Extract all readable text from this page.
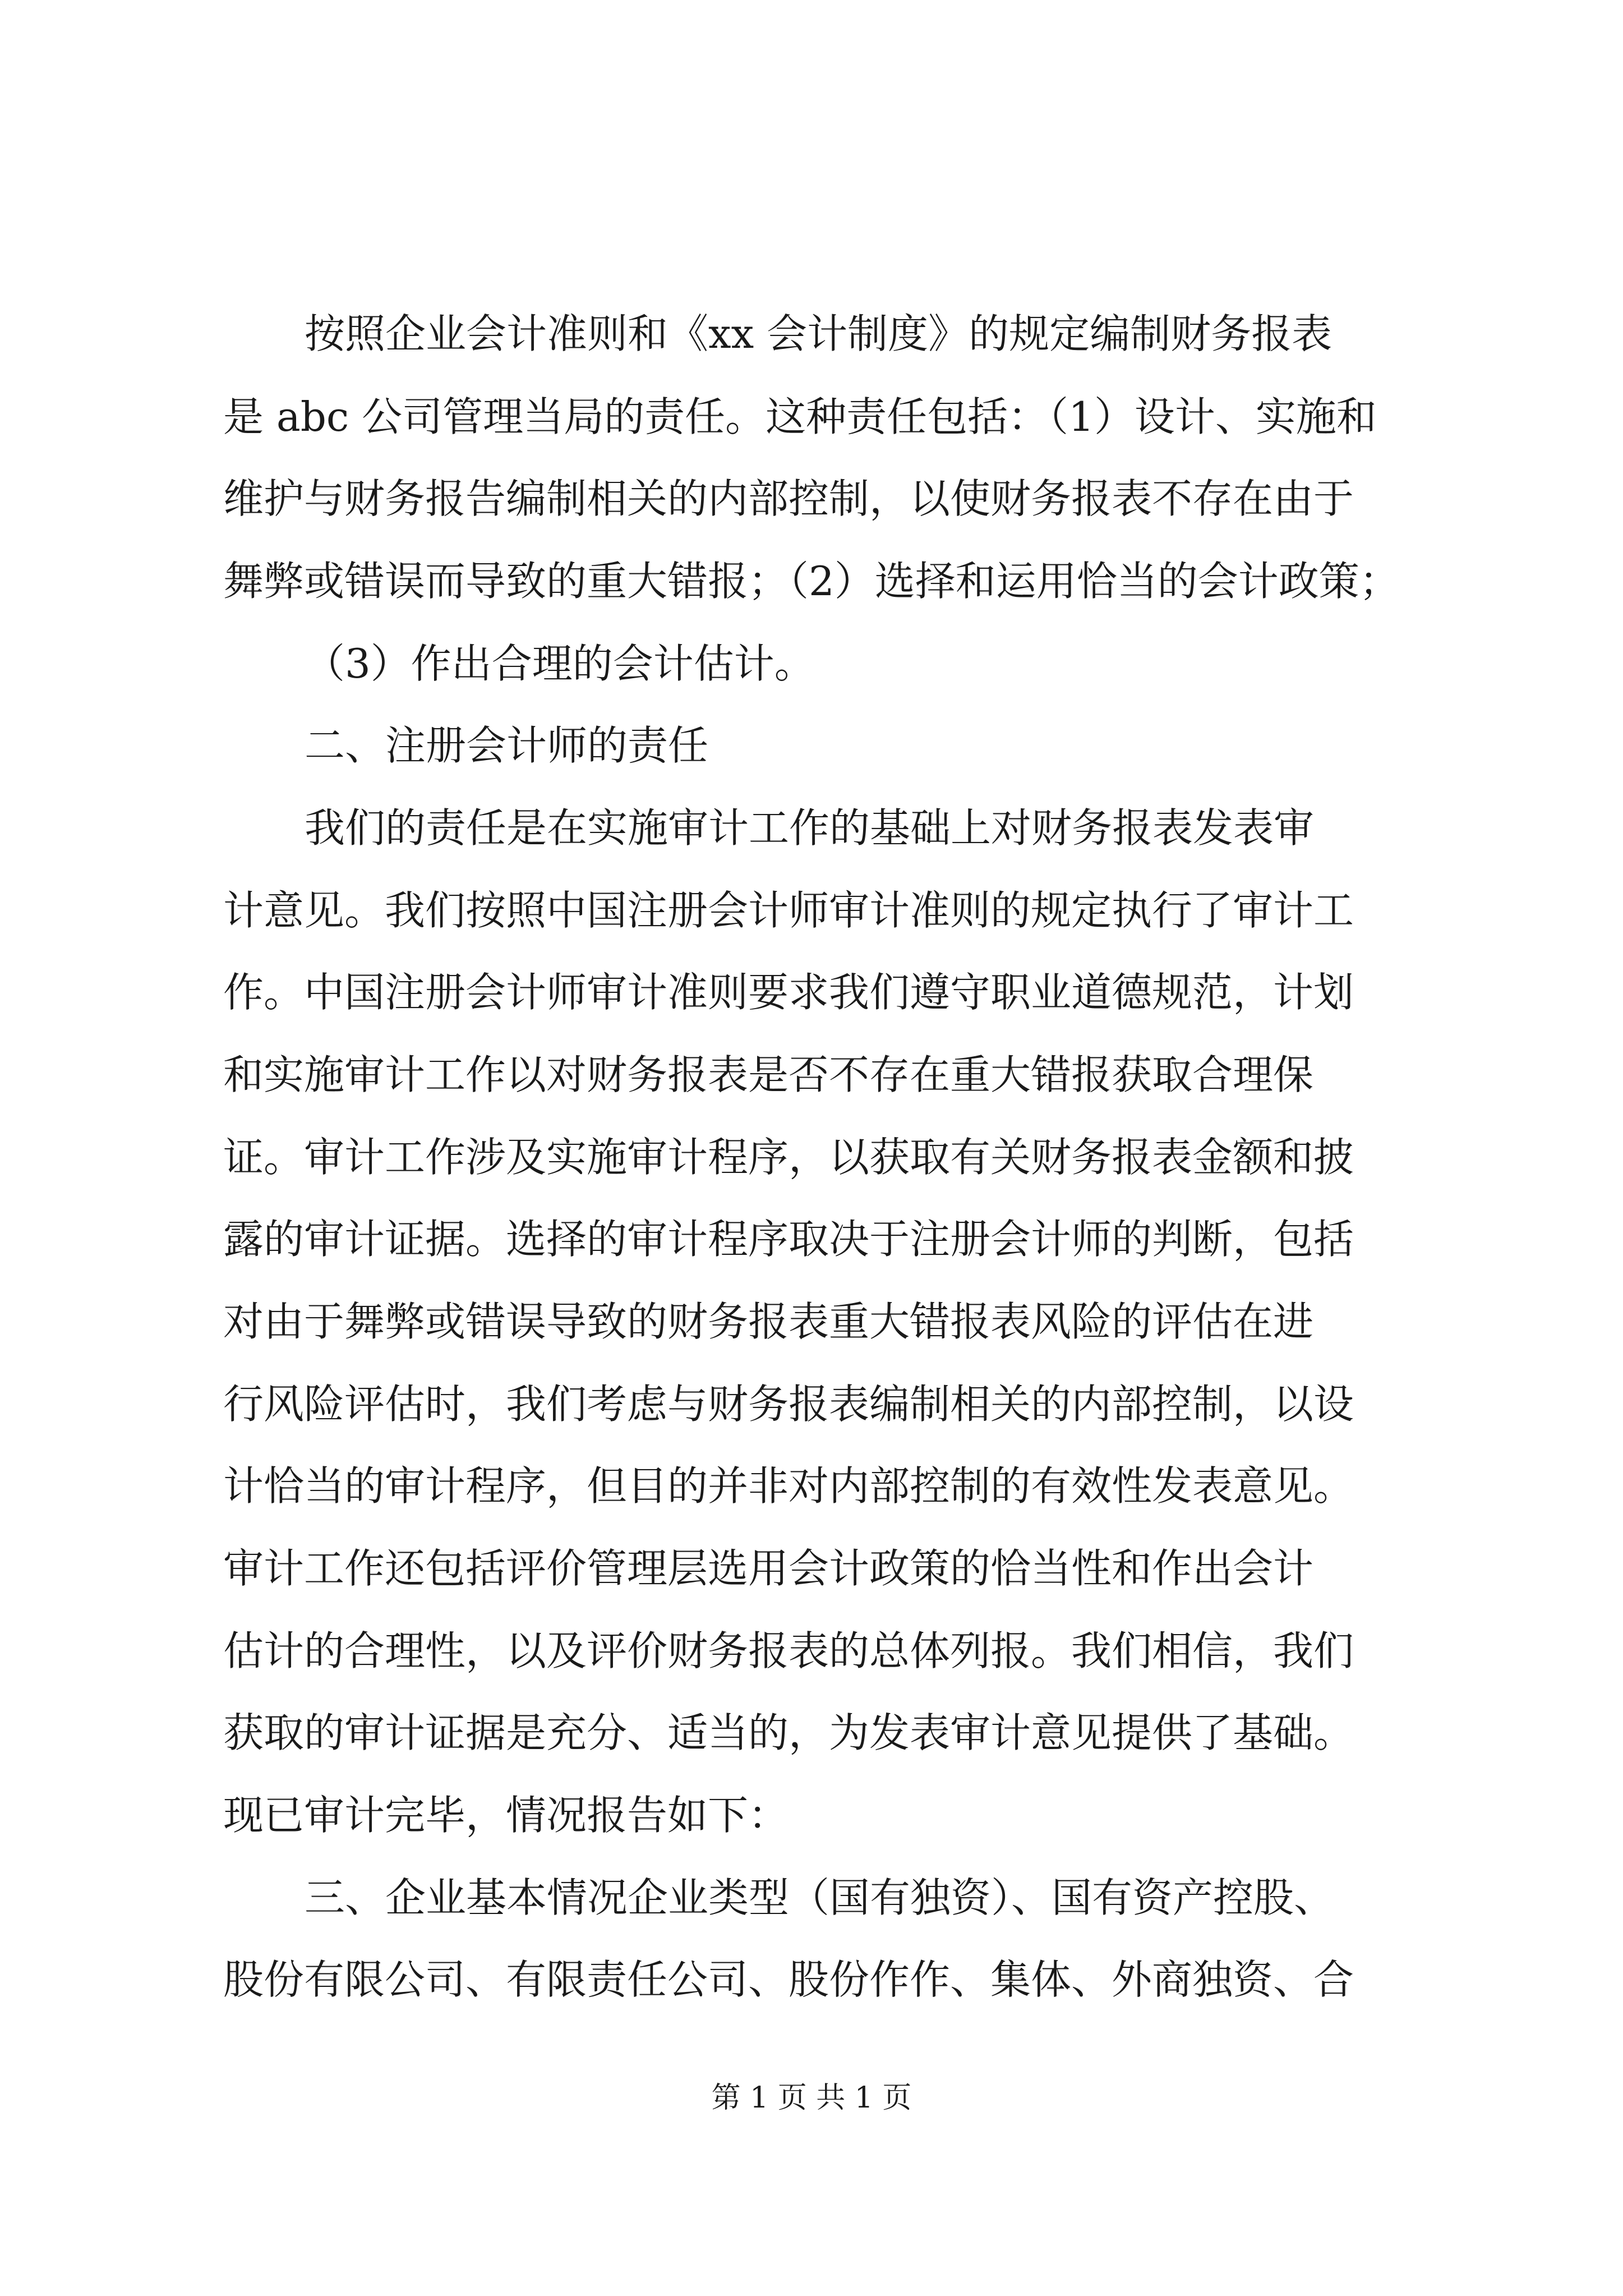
按照企业会计准则和《xx 会计制度》的规定编制财务报表
是 abc 公司管理当局的责任。这种责任包括：（1）设计、实施和
维护与财务报告编制相关的内部控制，以使财务报表不存在由于
舞弊或错误而导致的重大错报；（2）选择和运用恰当的会计政策；
（3）作出合理的会计估计。
二、注册会计师的责任
我们的责任是在实施审计工作的基础上对财务报表发表审
计意见。我们按照中国注册会计师审计准则的规定执行了审计工
作。中国注册会计师审计准则要求我们遵守职业道德规范，计划
和实施审计工作以对财务报表是否不存在重大错报获取合理保
证。审计工作涉及实施审计程序，以获取有关财务报表金额和披
露的审计证据。选择的审计程序取决于注册会计师的判断，包括
对由于舞弊或错误导致的财务报表重大错报表风险的评估在进
行风险评估时，我们考虑与财务报表编制相关的内部控制，以设
计恰当的审计程序，但目的并非对内部控制的有效性发表意见。
审计工作还包括评价管理层选用会计政策的恰当性和作出会计
估计的合理性，以及评价财务报表的总体列报。我们相信，我们
获取的审计证据是充分、适当的，为发表审计意见提供了基础。
现已审计完毕，情况报告如下：
三、企业基本情况企业类型（国有独资）、国有资产控股、
股份有限公司、有限责任公司、股份作作、集体、外商独资、合
第 1 页 共 1 页
